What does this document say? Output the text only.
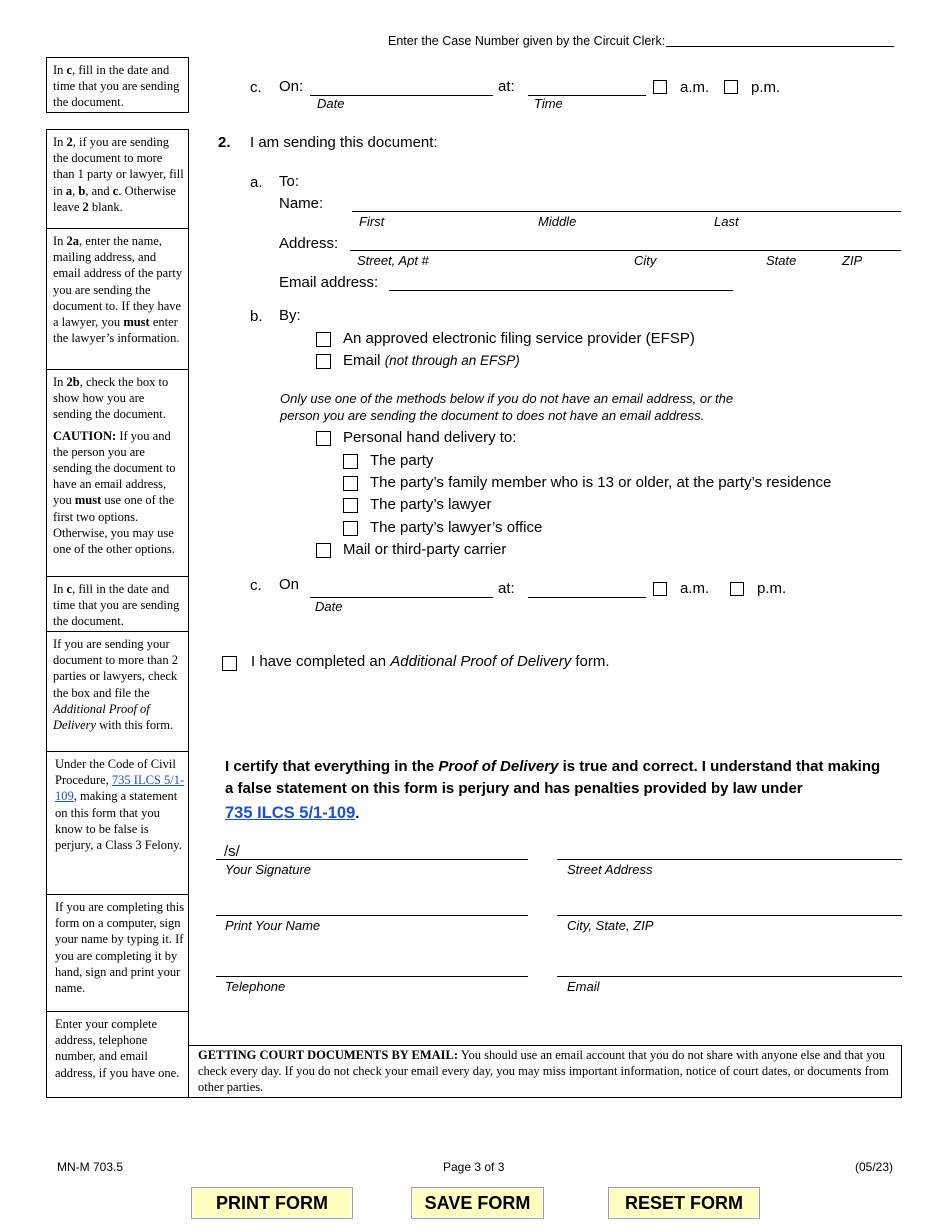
Enter the Case Number given by the Circuit Clerk:
In c, fill in the date and time that you are sending the document.
In 2, if you are sending the document to more than 1 party or lawyer, fill in a, b, and c. Otherwise leave 2 blank.
In 2a, enter the name, mailing address, and email address of the party you are sending the document to. If they have a lawyer, you must enter the lawyer’s information.
In 2b, check the box to show how you are sending the document.
CAUTION: If you and the person you are sending the document to have an email address, you must use one of the first two options. Otherwise, you may use one of the other options.
In c, fill in the date and time that you are sending the document.
If you are sending your document to more than 2 parties or lawyers, check the box and file the Additional Proof of Delivery with this form.
Under the Code of Civil Procedure, 735 ILCS 5/1-109, making a statement on this form that you know to be false is perjury, a Class 3 Felony.
If you are completing this form on a computer, sign your name by typing it. If you are completing it by hand, sign and print your name.
Enter your complete address, telephone number, and email address, if you have one.
c. On:
Date
at:
Time
a.m.	p.m.
2. I am sending this document:
a. To:
Name:
First	Middle	Last
Address:
Street, Apt #	City	State	ZIP
Email address:
b. By:
An approved electronic filing service provider (EFSP)
Email (not through an EFSP)
Only use one of the methods below if you do not have an email address, or the
person you are sending the document to does not have an email address.
Personal hand delivery to:
The party
The party’s family member who is 13 or older, at the party’s residence
The party’s lawyer
The party’s lawyer’s office
Mail or third-party carrier
c. On
Date
at:	a.m.	p.m.
I have completed an Additional Proof of Delivery form.
I certify that everything in the Proof of Delivery is true and correct. I understand that making
a false statement on this form is perjury and has penalties provided by law under
735 ILCS 5/1-109.
/s/
Your Signature	Street Address
Print Your Name	City, State, ZIP
Telephone	Email
GETTING COURT DOCUMENTS BY EMAIL: You should use an email account that you do not share with anyone else and that you check every day. If you do not check your email every day, you may miss important information, notice of court dates, or documents from other parties.
MN-M 703.5	Page 3 of 3	(05/23)
PRINT FORM	SAVE FORM	RESET FORM
